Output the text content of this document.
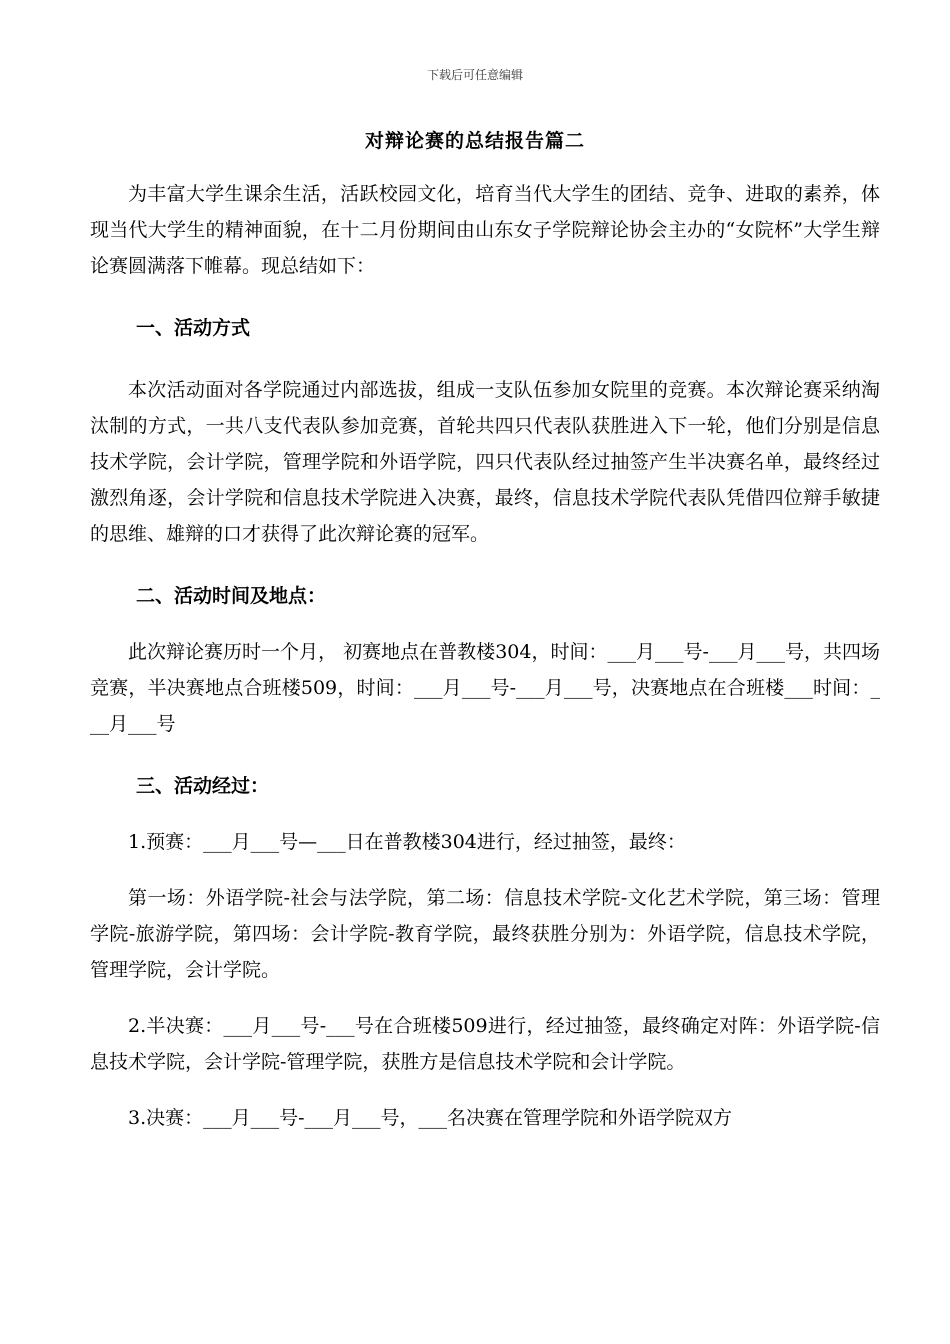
下载后可任意编辑
对辩论赛的总结报告篇二

为丰富大学生课余生活，活跃校园文化，培育当代大学生的团结、竞争、进取的素养，体现当代大学生的精神面貌，在十二月份期间由山东女子学院辩论协会主办的“女院杯”大学生辩论赛圆满落下帷幕。现总结如下：

一、活动方式

本次活动面对各学院通过内部选拔，组成一支队伍参加女院里的竞赛。本次辩论赛采纳淘汰制的方式，一共八支代表队参加竞赛，首轮共四只代表队获胜进入下一轮，他们分别是信息技术学院，会计学院，管理学院和外语学院，四只代表队经过抽签产生半决赛名单，最终经过激烈角逐，会计学院和信息技术学院进入决赛，最终，信息技术学院代表队凭借四位辩手敏捷的思维、雄辩的口才获得了此次辩论赛的冠军。

二、活动时间及地点：

此次辩论赛历时一个月， 初赛地点在普教楼304，时间：___月___号-___月___号，共四场竞赛，半决赛地点合班楼509，时间：___月___号-___月___号，决赛地点在合班楼___时间：___月___号

三、活动经过：

1.预赛：___月___号—___日在普教楼304进行，经过抽签，最终：

第一场：外语学院-社会与法学院，第二场：信息技术学院-文化艺术学院，第三场：管理学院-旅游学院，第四场：会计学院-教育学院，最终获胜分别为：外语学院，信息技术学院，管理学院，会计学院。

2.半决赛：___月___号-___号在合班楼509进行，经过抽签，最终确定对阵：外语学院-信息技术学院，会计学院-管理学院，获胜方是信息技术学院和会计学院。

3.决赛：___月___号-___月___号，___名决赛在管理学院和外语学院双方
